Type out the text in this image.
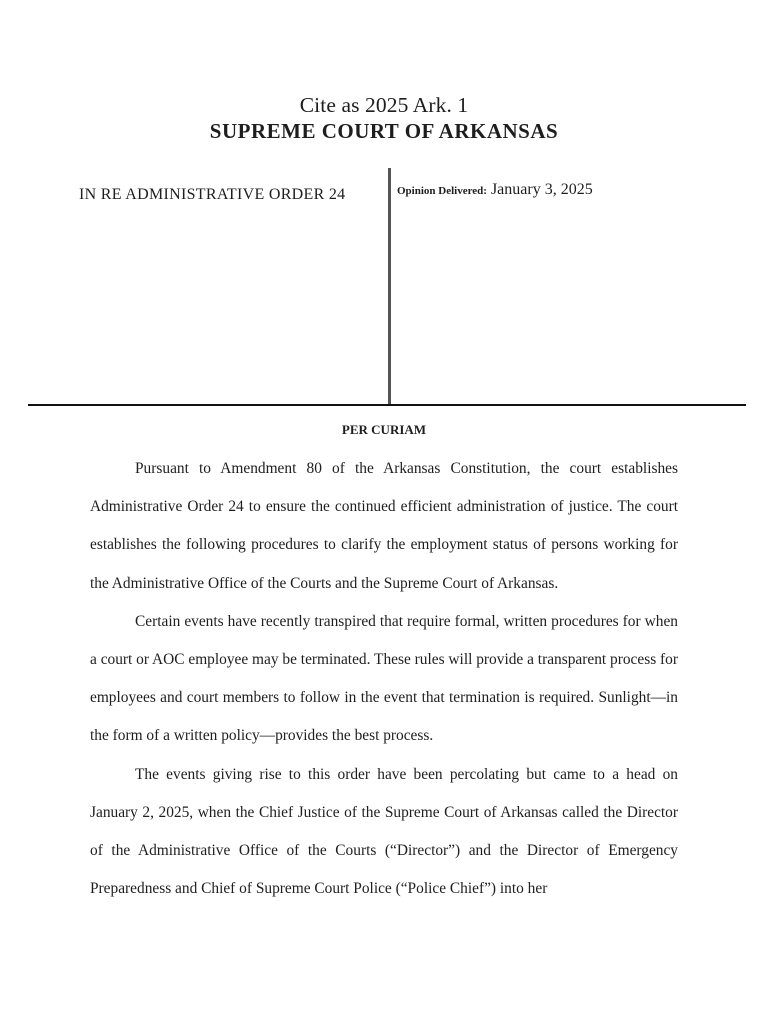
Cite as 2025 Ark. 1
SUPREME COURT OF ARKANSAS
IN RE ADMINISTRATIVE ORDER 24	Opinion Delivered: January 3, 2025
PER CURIAM

Pursuant to Amendment 80 of the Arkansas Constitution, the court establishes Administrative Order 24 to ensure the continued efficient administration of justice. The court establishes the following procedures to clarify the employment status of persons working for the Administrative Office of the Courts and the Supreme Court of Arkansas.

Certain events have recently transpired that require formal, written procedures for when a court or AOC employee may be terminated. These rules will provide a transparent process for employees and court members to follow in the event that termination is required. Sunlight—in the form of a written policy—provides the best process.

The events giving rise to this order have been percolating but came to a head on January 2, 2025, when the Chief Justice of the Supreme Court of Arkansas called the Director of the Administrative Office of the Courts (“Director”) and the Director of Emergency Preparedness and Chief of Supreme Court Police (“Police Chief”) into her
